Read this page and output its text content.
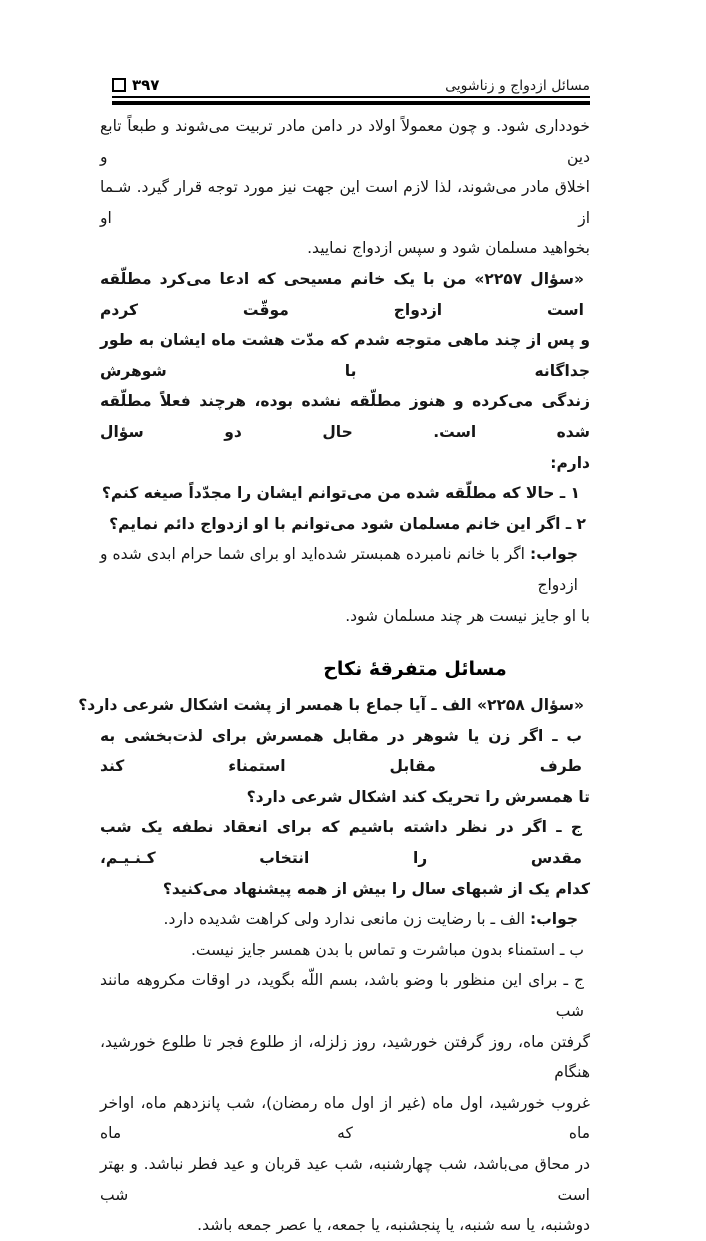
۳۹۷	مسائل ازدواج و زناشویی
خودداری شود. و چون معمولاً اولاد در دامن مادر تربیت می‌شوند و طبعاً تابع دین و
اخلاق مادر می‌شوند، لذا لازم است این جهت نیز مورد توجه قرار گیرد. شـما از او
بخواهید مسلمان شود و سپس ازدواج نمایید.
«سؤال ۲۲۵۷» من با یک خانم مسیحی که ادعا می‌کرد مطلّقه است ازدواج موقّت کردم
و پس از چند ماهی متوجه شدم که مدّت هشت ماه ایشان به طور جداگانه با شوهرش
زندگی می‌کرده و هنوز مطلّقه نشده بوده، هرچند فعلاً مطلّقه شده است. حال دو سؤال
دارم:
۱ ـ حالا که مطلّقه شده من می‌توانم ایشان را مجدّداً صیغه کنم؟
۲ ـ اگر این خانم مسلمان شود می‌توانم با او ازدواج دائم نمایم؟
جواب: اگر با خانم نامبرده همبستر شده‌اید او برای شما حرام ابدی شده و ازدواج
با او جایز نیست هر چند مسلمان شود.
مسائل متفرقهٔ نکاح
«سؤال ۲۲۵۸» الف ـ آیا جماع با همسر از پشت اشکال شرعی دارد؟
ب ـ اگر زن یا شوهر در مقابل همسرش برای لذت‌بخشی به طرف مقابل استمناء کند
تا همسرش را تحریک کند اشکال شرعی دارد؟
ج ـ اگر در نظر داشته باشیم که برای انعقاد نطفه یک شب مقدس را انتخاب کـنـیـم،
کدام یک از شبهای سال را بیش از همه پیشنهاد می‌کنید؟
جواب: الف ـ با رضایت زن مانعی ندارد ولی کراهت شدیده دارد.
ب ـ استمناء بدون مباشرت و تماس با بدن همسر جایز نیست.
ج ـ برای این منظور با وضو باشد، بسم اللّه بگوید، در اوقات مکروهه مانند شب
گرفتن ماه، روز گرفتن خورشید، روز زلزله، از طلوع فجر تا طلوع خورشید، هنگام
غروب خورشید، اول ماه (غیر از اول ماه رمضان)، شب پانزدهم ماه، اواخر ماه که ماه
در محاق می‌باشد، شب چهارشنبه، شب عید قربان و عید فطر نباشد. و بهتر است شب
دوشنبه، یا سه شنبه، یا پنجشنبه، یا جمعه، یا عصر جمعه باشد.
